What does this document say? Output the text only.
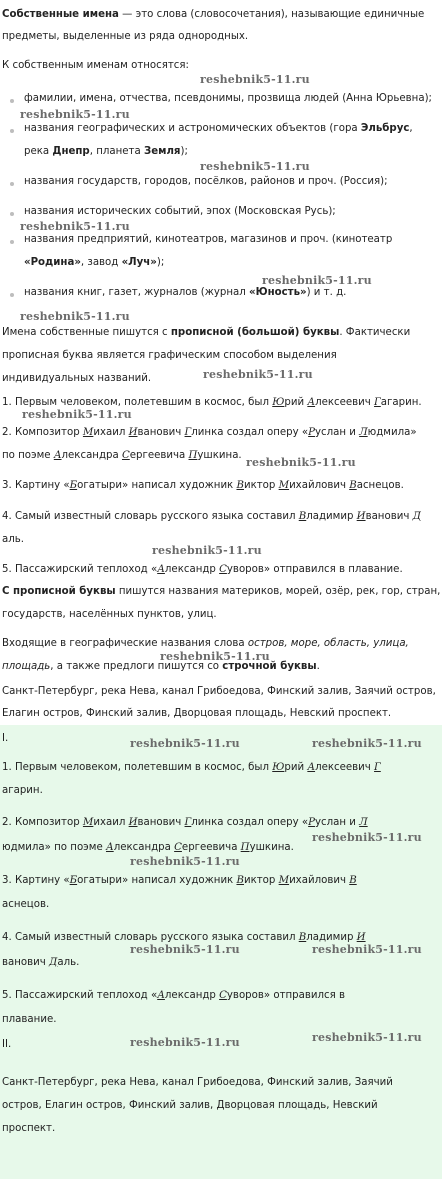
Собственные имена — это слова (словосочетания), называющие единичные
предметы, выделенные из ряда однородных.
К собственным именам относятся:
reshebnik5-11.ru
фамилии, имена, отчества, псевдонимы, прозвища людей (Анна Юрьевна);
reshebnik5-11.ru
названия географических и астрономических объектов (гора Эльбрус,
река Днепр, планета Земля);
reshebnik5-11.ru
названия государств, городов, посёлков, районов и проч. (Россия);
названия исторических событий, эпох (Московская Русь);
reshebnik5-11.ru
названия предприятий, кинотеатров, магазинов и проч. (кинотеатр
«Родина», завод «Луч»);
reshebnik5-11.ru
названия книг, газет, журналов (журнал «Юность») и т. д.
reshebnik5-11.ru
Имена собственные пишутся с прописной (большой) буквы. Фактически
прописная буква является графическим способом выделения
индивидуальных названий.	reshebnik5-11.ru
1. Первым человеком, полетевшим в космос, был Юрий Алексеевич Гагарин.
reshebnik5-11.ru
2. Композитор Михаил Иванович Глинка создал оперу «Руслан и Людмила»
по поэме Александра Сергеевича Пушкина.
reshebnik5-11.ru
3. Картину «Богатыри» написал художник Виктор Михайлович Васнецов.
4. Самый известный словарь русского языка составил Владимир Иванович Д
аль.
reshebnik5-11.ru
5. Пассажирский теплоход «Александр Суворов» отправился в плавание.
С прописной буквы пишутся названия материков, морей, озёр, рек, гор, стран,
государств, населённых пунктов, улиц.
Входящие в географические названия слова остров, море, область, улица,
reshebnik5-11.ru
площадь, а также предлоги пишутся со строчной буквы.
Санкт-Петербург, река Нева, канал Грибоедова, Финский залив, Заячий остров,
Елагин остров, Финский залив, Дворцовая площадь, Невский проспект.
I.	reshebnik5-11.ru	reshebnik5-11.ru
1. Первым человеком, полетевшим в космос, был Юрий Алексеевич Г
агарин.
2. Композитор Михаил Иванович Глинка создал оперу «Руслан и Л
reshebnik5-11.ru
юдмила» по поэме Александра Сергеевича Пушкина.
reshebnik5-11.ru
3. Картину «Богатыри» написал художник Виктор Михайлович В
аснецов.
4. Самый известный словарь русского языка составил Владимир И
reshebnik5-11.ru	reshebnik5-11.ru
ванович Даль.
5. Пассажирский теплоход «Александр Суворов» отправился в
плавание.
II.	reshebnik5-11.ru	reshebnik5-11.ru
Санкт-Петербург, река Нева, канал Грибоедова, Финский залив, Заячий
остров, Елагин остров, Финский залив, Дворцовая площадь, Невский
проспект.
